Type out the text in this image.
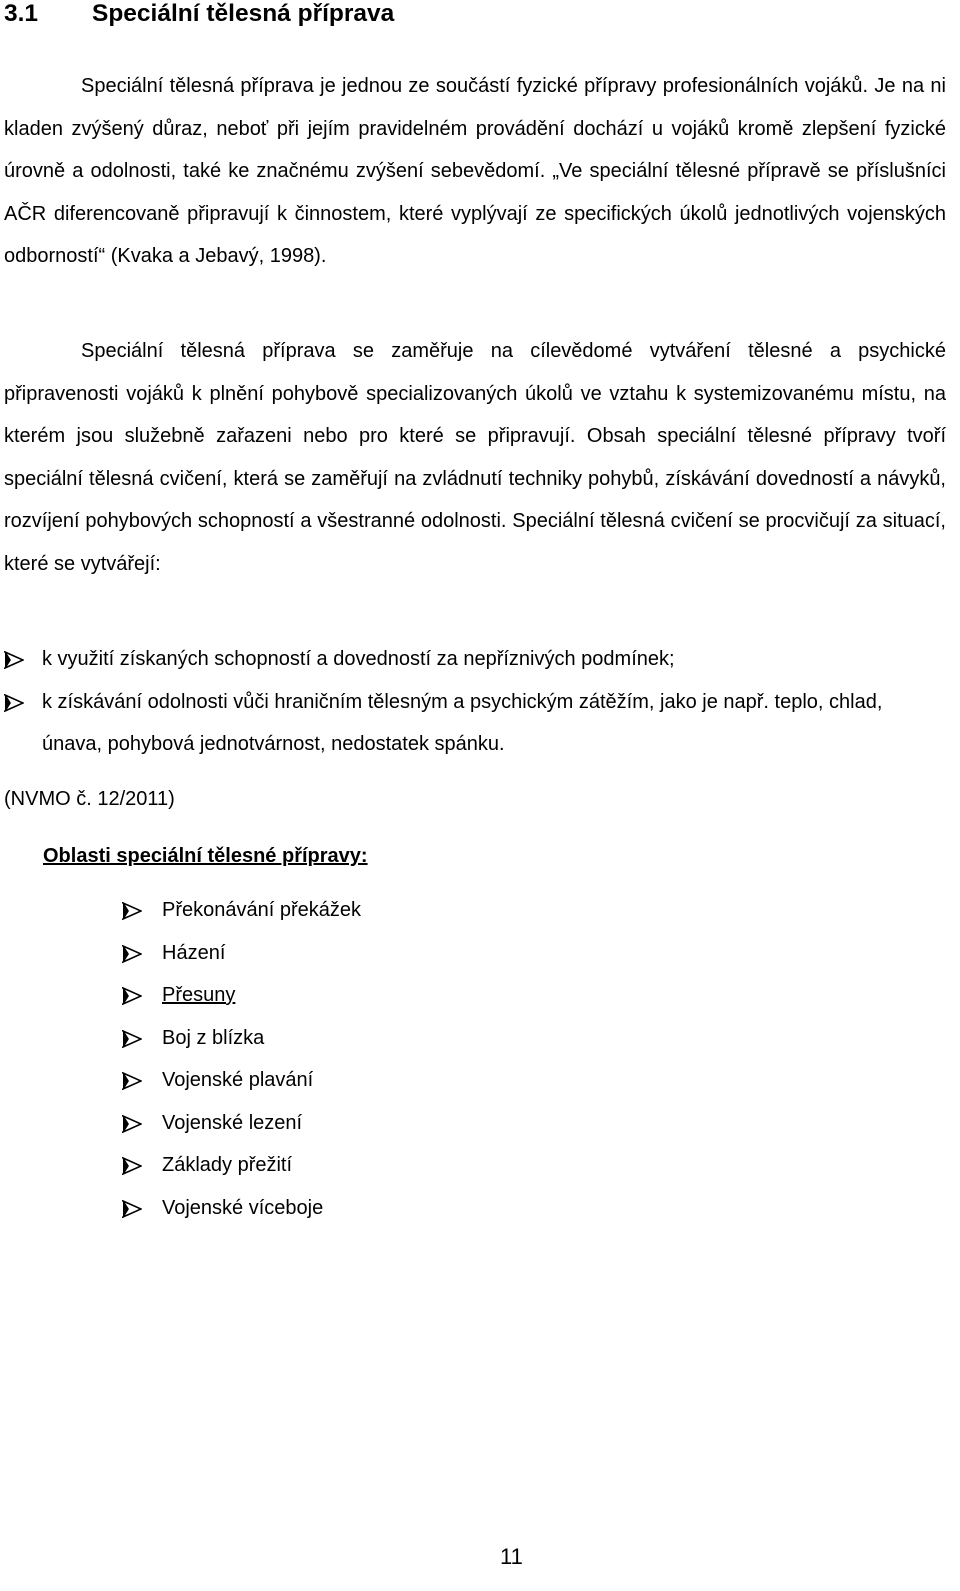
3.1 Speciální tělesná příprava

Speciální tělesná příprava je jednou ze součástí fyzické přípravy profesionálních vojáků. Je na ni kladen zvýšený důraz, neboť při jejím pravidelném provádění dochází u vojáků kromě zlepšení fyzické úrovně a odolnosti, také ke značnému zvýšení sebevědomí. „Ve speciální tělesné přípravě se příslušníci AČR diferencovaně připravují k činnostem, které vyplývají ze specifických úkolů jednotlivých vojenských odborností“ (Kvaka a Jebavý, 1998).

Speciální tělesná příprava se zaměřuje na cílevědomé vytváření tělesné a psychické připravenosti vojáků k plnění pohybově specializovaných úkolů ve vztahu k systemizovanému místu, na kterém jsou služebně zařazeni nebo pro které se připravují. Obsah speciální tělesné přípravy tvoří speciální tělesná cvičení, která se zaměřují na zvládnutí techniky pohybů, získávání dovedností a návyků, rozvíjení pohybových schopností a všestranné odolnosti. Speciální tělesná cvičení se procvičují za situací, které se vytvářejí:

k využití získaných schopností a dovedností za nepříznivých podmínek;
k získávání odolnosti vůči hraničním tělesným a psychickým zátěžím, jako je např. teplo, chlad, únava, pohybová jednotvárnost, nedostatek spánku.

(NVMO č. 12/2011)

Oblasti speciální tělesné přípravy:

Překonávání překážek
Házení
Přesuny
Boj z blízka
Vojenské plavání
Vojenské lezení
Základy přežití
Vojenské víceboje

11
